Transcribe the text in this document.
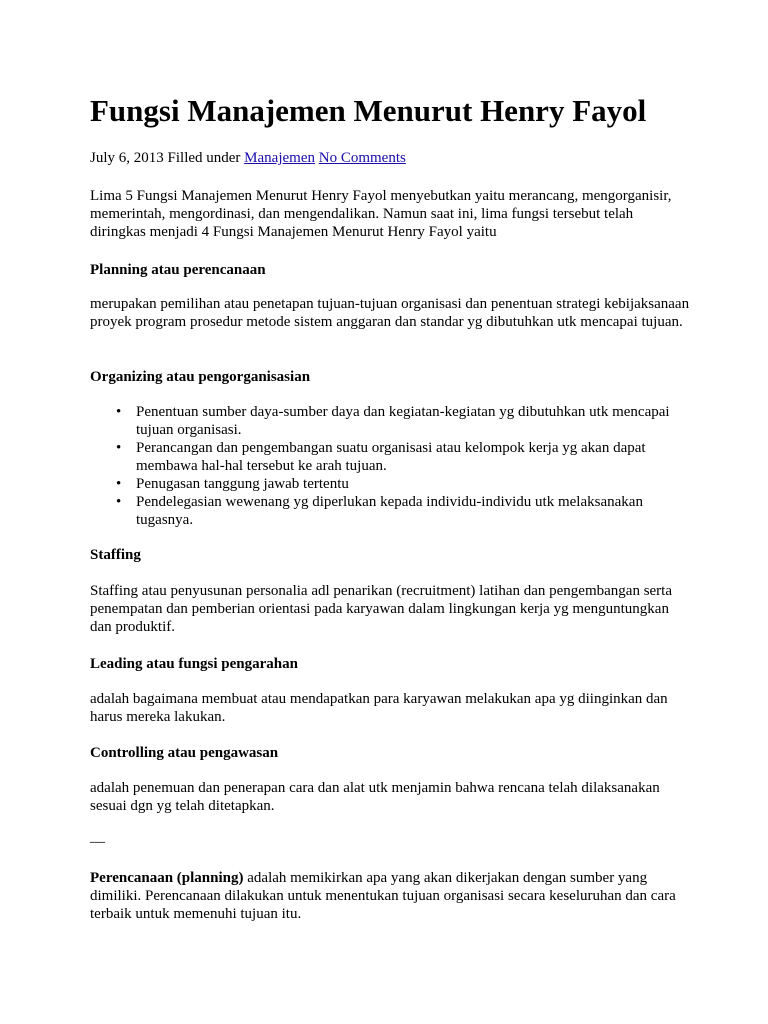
Fungsi Manajemen Menurut Henry Fayol
July 6, 2013 Filled under Manajemen No Comments

Lima 5 Fungsi Manajemen Menurut Henry Fayol menyebutkan yaitu merancang, mengorganisir, memerintah, mengordinasi, dan mengendalikan. Namun saat ini, lima fungsi tersebut telah diringkas menjadi 4 Fungsi Manajemen Menurut Henry Fayol yaitu

Planning atau perencanaan

merupakan pemilihan atau penetapan tujuan-tujuan organisasi dan penentuan strategi kebijaksanaan proyek program prosedur metode sistem anggaran dan standar yg dibutuhkan utk mencapai tujuan.

Organizing atau pengorganisasian

• Penentuan sumber daya-sumber daya dan kegiatan-kegiatan yg dibutuhkan utk mencapai tujuan organisasi.
• Perancangan dan pengembangan suatu organisasi atau kelompok kerja yg akan dapat membawa hal-hal tersebut ke arah tujuan.
• Penugasan tanggung jawab tertentu
• Pendelegasian wewenang yg diperlukan kepada individu-individu utk melaksanakan tugasnya.

Staffing

Staffing atau penyusunan personalia adl penarikan (recruitment) latihan dan pengembangan serta penempatan dan pemberian orientasi pada karyawan dalam lingkungan kerja yg menguntungkan dan produktif.

Leading atau fungsi pengarahan

adalah bagaimana membuat atau mendapatkan para karyawan melakukan apa yg diinginkan dan harus mereka lakukan.

Controlling atau pengawasan

adalah penemuan dan penerapan cara dan alat utk menjamin bahwa rencana telah dilaksanakan sesuai dgn yg telah ditetapkan.

—

Perencanaan (planning) adalah memikirkan apa yang akan dikerjakan dengan sumber yang dimiliki. Perencanaan dilakukan untuk menentukan tujuan organisasi secara keseluruhan dan cara terbaik untuk memenuhi tujuan itu.
